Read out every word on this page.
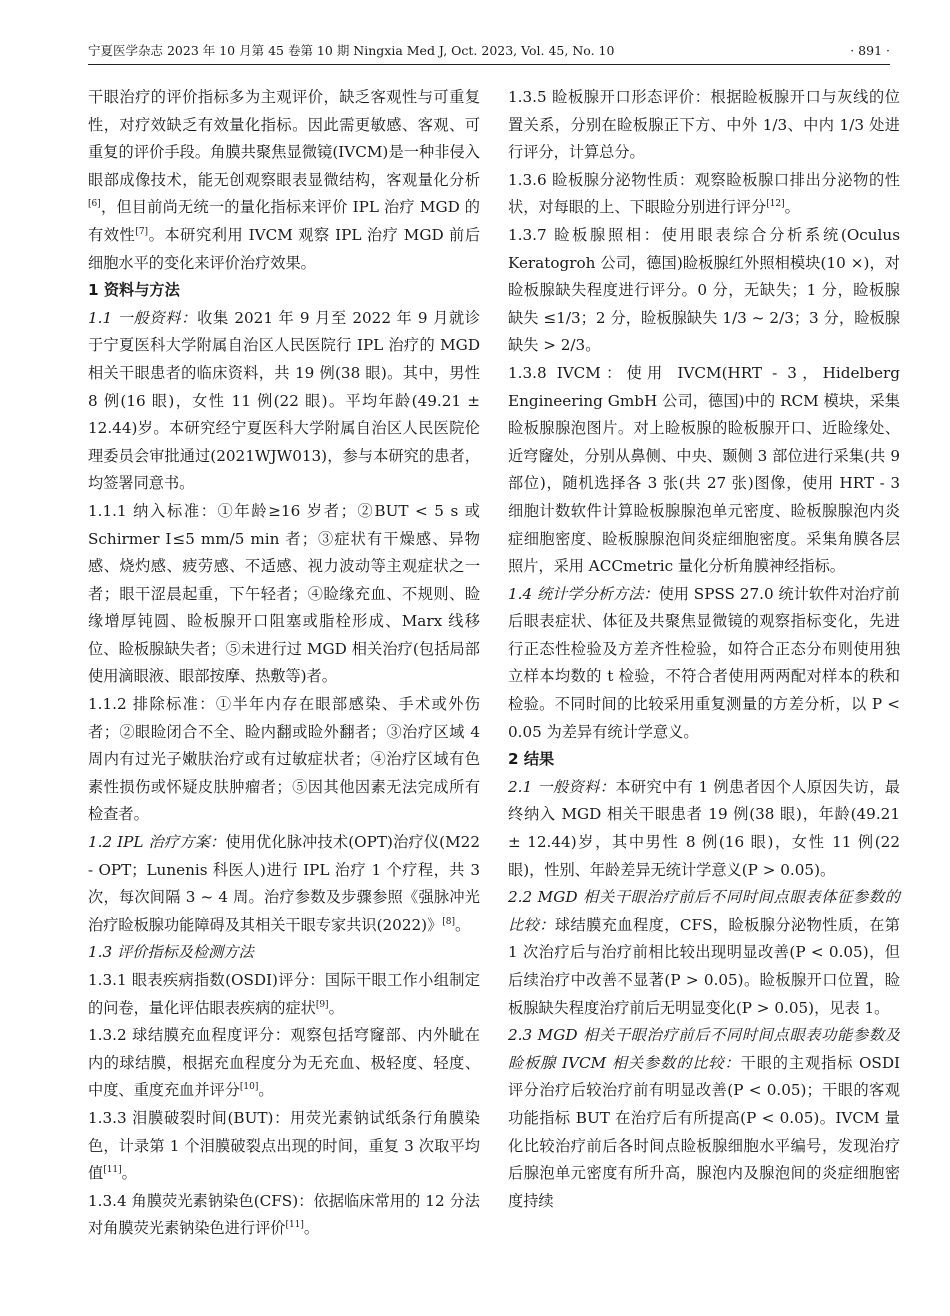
宁夏医学杂志 2023 年 10 月第 45 卷第 10 期 Ningxia Med J, Oct. 2023, Vol. 45, No. 10	· 891 ·

干眼治疗的评价指标多为主观评价，缺乏客观性与可重复性，对疗效缺乏有效量化指标。因此需更敏感、客观、可重复的评价手段。角膜共聚焦显微镜(IVCM)是一种非侵入眼部成像技术，能无创观察眼表显微结构，客观量化分析[6]，但目前尚无统一的量化指标来评价 IPL 治疗 MGD 的有效性[7]。本研究利用 IVCM 观察 IPL 治疗 MGD 前后细胞水平的变化来评价治疗效果。

1 资料与方法

1.1 一般资料：收集 2021 年 9 月至 2022 年 9 月就诊于宁夏医科大学附属自治区人民医院行 IPL 治疗的 MGD 相关干眼患者的临床资料，共 19 例(38 眼)。其中，男性 8 例(16 眼)，女性 11 例(22 眼)。平均年龄(49.21 ± 12.44)岁。本研究经宁夏医科大学附属自治区人民医院伦理委员会审批通过(2021WJW013)，参与本研究的患者，均签署同意书。

1.1.1 纳入标准：①年龄≥16 岁者；②BUT < 5 s 或 Schirmer Ⅰ≤5 mm/5 min 者；③症状有干燥感、异物感、烧灼感、疲劳感、不适感、视力波动等主观症状之一者；眼干涩晨起重，下午轻者；④睑缘充血、不规则、睑缘增厚钝圆、睑板腺开口阻塞或脂栓形成、Marx 线移位、睑板腺缺失者；⑤未进行过 MGD 相关治疗(包括局部使用滴眼液、眼部按摩、热敷等)者。

1.1.2 排除标准：①半年内存在眼部感染、手术或外伤者；②眼睑闭合不全、睑内翻或睑外翻者；③治疗区域 4 周内有过光子嫩肤治疗或有过敏症状者；④治疗区域有色素性损伤或怀疑皮肤肿瘤者；⑤因其他因素无法完成所有检查者。

1.2 IPL 治疗方案：使用优化脉冲技术(OPT)治疗仪(M22 - OPT；Lunenis 科医人)进行 IPL 治疗 1 个疗程，共 3 次，每次间隔 3 ~ 4 周。治疗参数及步骤参照《强脉冲光治疗睑板腺功能障碍及其相关干眼专家共识(2022)》[8]。

1.3 评价指标及检测方法

1.3.1 眼表疾病指数(OSDI)评分：国际干眼工作小组制定的问卷，量化评估眼表疾病的症状[9]。

1.3.2 球结膜充血程度评分：观察包括穹窿部、内外眦在内的球结膜，根据充血程度分为无充血、极轻度、轻度、中度、重度充血并评分[10]。

1.3.3 泪膜破裂时间(BUT)：用荧光素钠试纸条行角膜染色，计录第 1 个泪膜破裂点出现的时间，重复 3 次取平均值[11]。

1.3.4 角膜荧光素钠染色(CFS)：依据临床常用的 12 分法对角膜荧光素钠染色进行评价[11]。

1.3.5 睑板腺开口形态评价：根据睑板腺开口与灰线的位置关系，分别在睑板腺正下方、中外 1/3、中内 1/3 处进行评分，计算总分。

1.3.6 睑板腺分泌物性质：观察睑板腺口排出分泌物的性状，对每眼的上、下眼睑分别进行评分[12]。

1.3.7 睑板腺照相：使用眼表综合分析系统(Oculus Keratogroh 公司，德国)睑板腺红外照相模块(10 ×)，对睑板腺缺失程度进行评分。0 分，无缺失；1 分，睑板腺缺失 ≤1/3；2 分，睑板腺缺失 1/3 ~ 2/3；3 分，睑板腺缺失 > 2/3。

1.3.8 IVCM：使用 IVCM(HRT - 3，Hidelberg Engineering GmbH 公司，德国)中的 RCM 模块，采集睑板腺腺泡图片。对上睑板腺的睑板腺开口、近睑缘处、近穹窿处，分别从鼻侧、中央、颞侧 3 部位进行采集(共 9 部位)，随机选择各 3 张(共 27 张)图像，使用 HRT - 3 细胞计数软件计算睑板腺腺泡单元密度、睑板腺腺泡内炎症细胞密度、睑板腺腺泡间炎症细胞密度。采集角膜各层照片，采用 ACCmetric 量化分析角膜神经指标。

1.4 统计学分析方法：使用 SPSS 27.0 统计软件对治疗前后眼表症状、体征及共聚焦显微镜的观察指标变化，先进行正态性检验及方差齐性检验，如符合正态分布则使用独立样本均数的 t 检验，不符合者使用两两配对样本的秩和检验。不同时间的比较采用重复测量的方差分析，以 P < 0.05 为差异有统计学意义。

2 结果

2.1 一般资料：本研究中有 1 例患者因个人原因失访，最终纳入 MGD 相关干眼患者 19 例(38 眼)，年龄(49.21 ± 12.44)岁，其中男性 8 例(16 眼)，女性 11 例(22 眼)，性别、年龄差异无统计学意义(P > 0.05)。

2.2 MGD 相关干眼治疗前后不同时间点眼表体征参数的比较：球结膜充血程度，CFS，睑板腺分泌物性质，在第 1 次治疗后与治疗前相比较出现明显改善(P < 0.05)，但后续治疗中改善不显著(P > 0.05)。睑板腺开口位置，睑板腺缺失程度治疗前后无明显变化(P > 0.05)，见表 1。

2.3 MGD 相关干眼治疗前后不同时间点眼表功能参数及睑板腺 IVCM 相关参数的比较：干眼的主观指标 OSDI 评分治疗后较治疗前有明显改善(P < 0.05)；干眼的客观功能指标 BUT 在治疗后有所提高(P < 0.05)。IVCM 量化比较治疗前后各时间点睑板腺细胞水平编号，发现治疗后腺泡单元密度有所升高，腺泡内及腺泡间的炎症细胞密度持续
